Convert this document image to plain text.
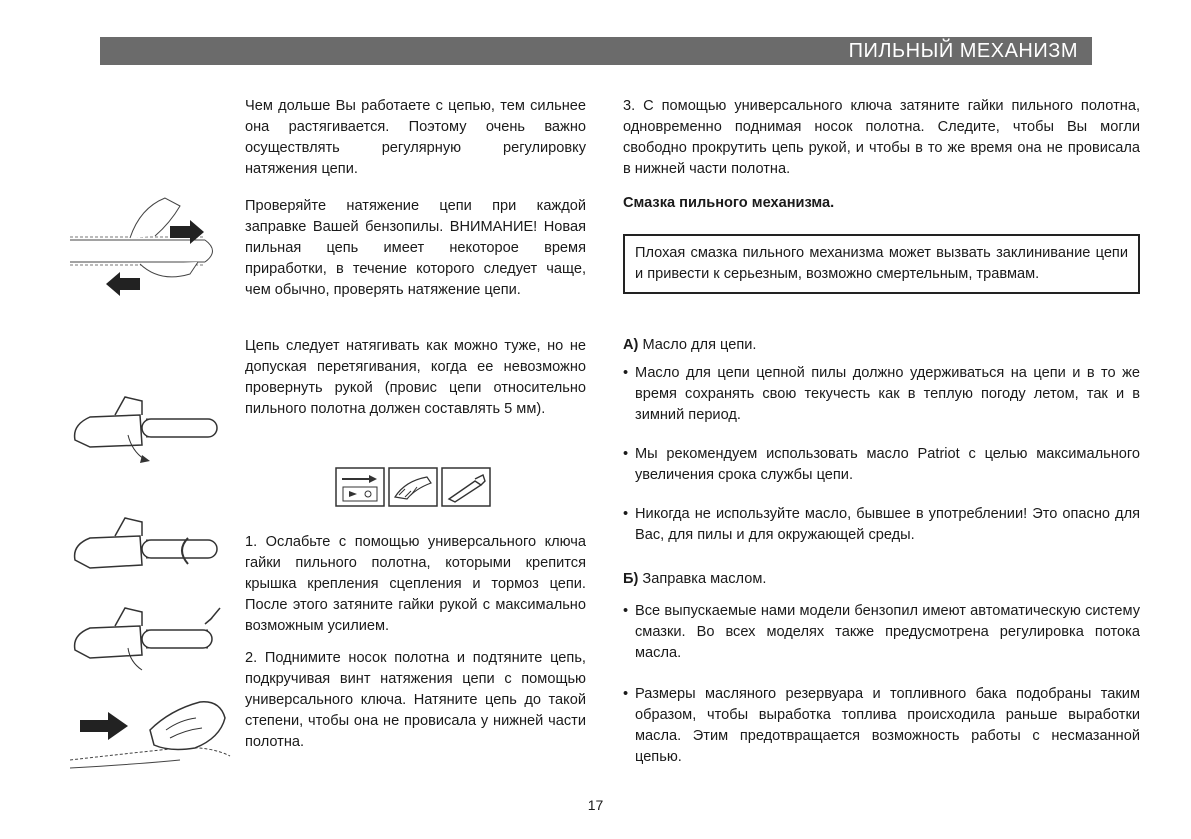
ПИЛЬНЫЙ МЕХАНИЗМ

Чем дольше Вы работаете с цепью, тем сильнее она растягивается. Поэтому очень важно осуществлять регулярную регулировку натяжения цепи.

Проверяйте натяжение цепи при каждой заправке Вашей бензопилы. ВНИМАНИЕ! Новая пильная цепь имеет некоторое время приработки, в течение которого следует чаще, чем обычно, проверять натяжение цепи.

Цепь следует натягивать как можно туже, но не допуская перетягивания, когда ее невозможно провернуть рукой (провис цепи относительно пильного полотна должен составлять 5 мм).

1. Ослабьте с помощью универсального ключа гайки пильного полотна, которыми крепится крышка крепления сцепления и тормоз цепи. После этого затяните гайки рукой с максимально возможным усилием.

2. Поднимите носок полотна и подтяните цепь, подкручивая винт натяжения цепи с помощью универсального ключа. Натяните цепь до такой степени, чтобы она не провисала у нижней части полотна.

3. С помощью универсального ключа затяните гайки пильного полотна, одновременно поднимая носок полотна. Следите, чтобы Вы могли свободно прокрутить цепь рукой, и чтобы в то же время она не провисала в нижней части полотна.

Смазка пильного механизма.
Плохая смазка пильного механизма может вызвать заклинивание цепи и привести к серьезным, возможно смертельным, травмам.
А) Масло для цепи.
• Масло для цепи цепной пилы должно удерживаться на цепи и в то же время сохранять свою текучесть как в теплую погоду летом, так и в зимний период.
• Мы рекомендуем использовать масло Patriot с целью максимального увеличения срока службы цепи.
• Никогда не используйте масло, бывшее в употреблении! Это опасно для Вас, для пилы и для окружающей среды.
Б) Заправка маслом.
• Все выпускаемые нами модели бензопил имеют автоматическую систему смазки. Во всех моделях также предусмотрена регулировка потока масла.
• Размеры масляного резервуара и топливного бака подобраны таким образом, чтобы выработка топлива происходила раньше выработки масла. Этим предотвращается возможность работы с несмазанной цепью.
17
